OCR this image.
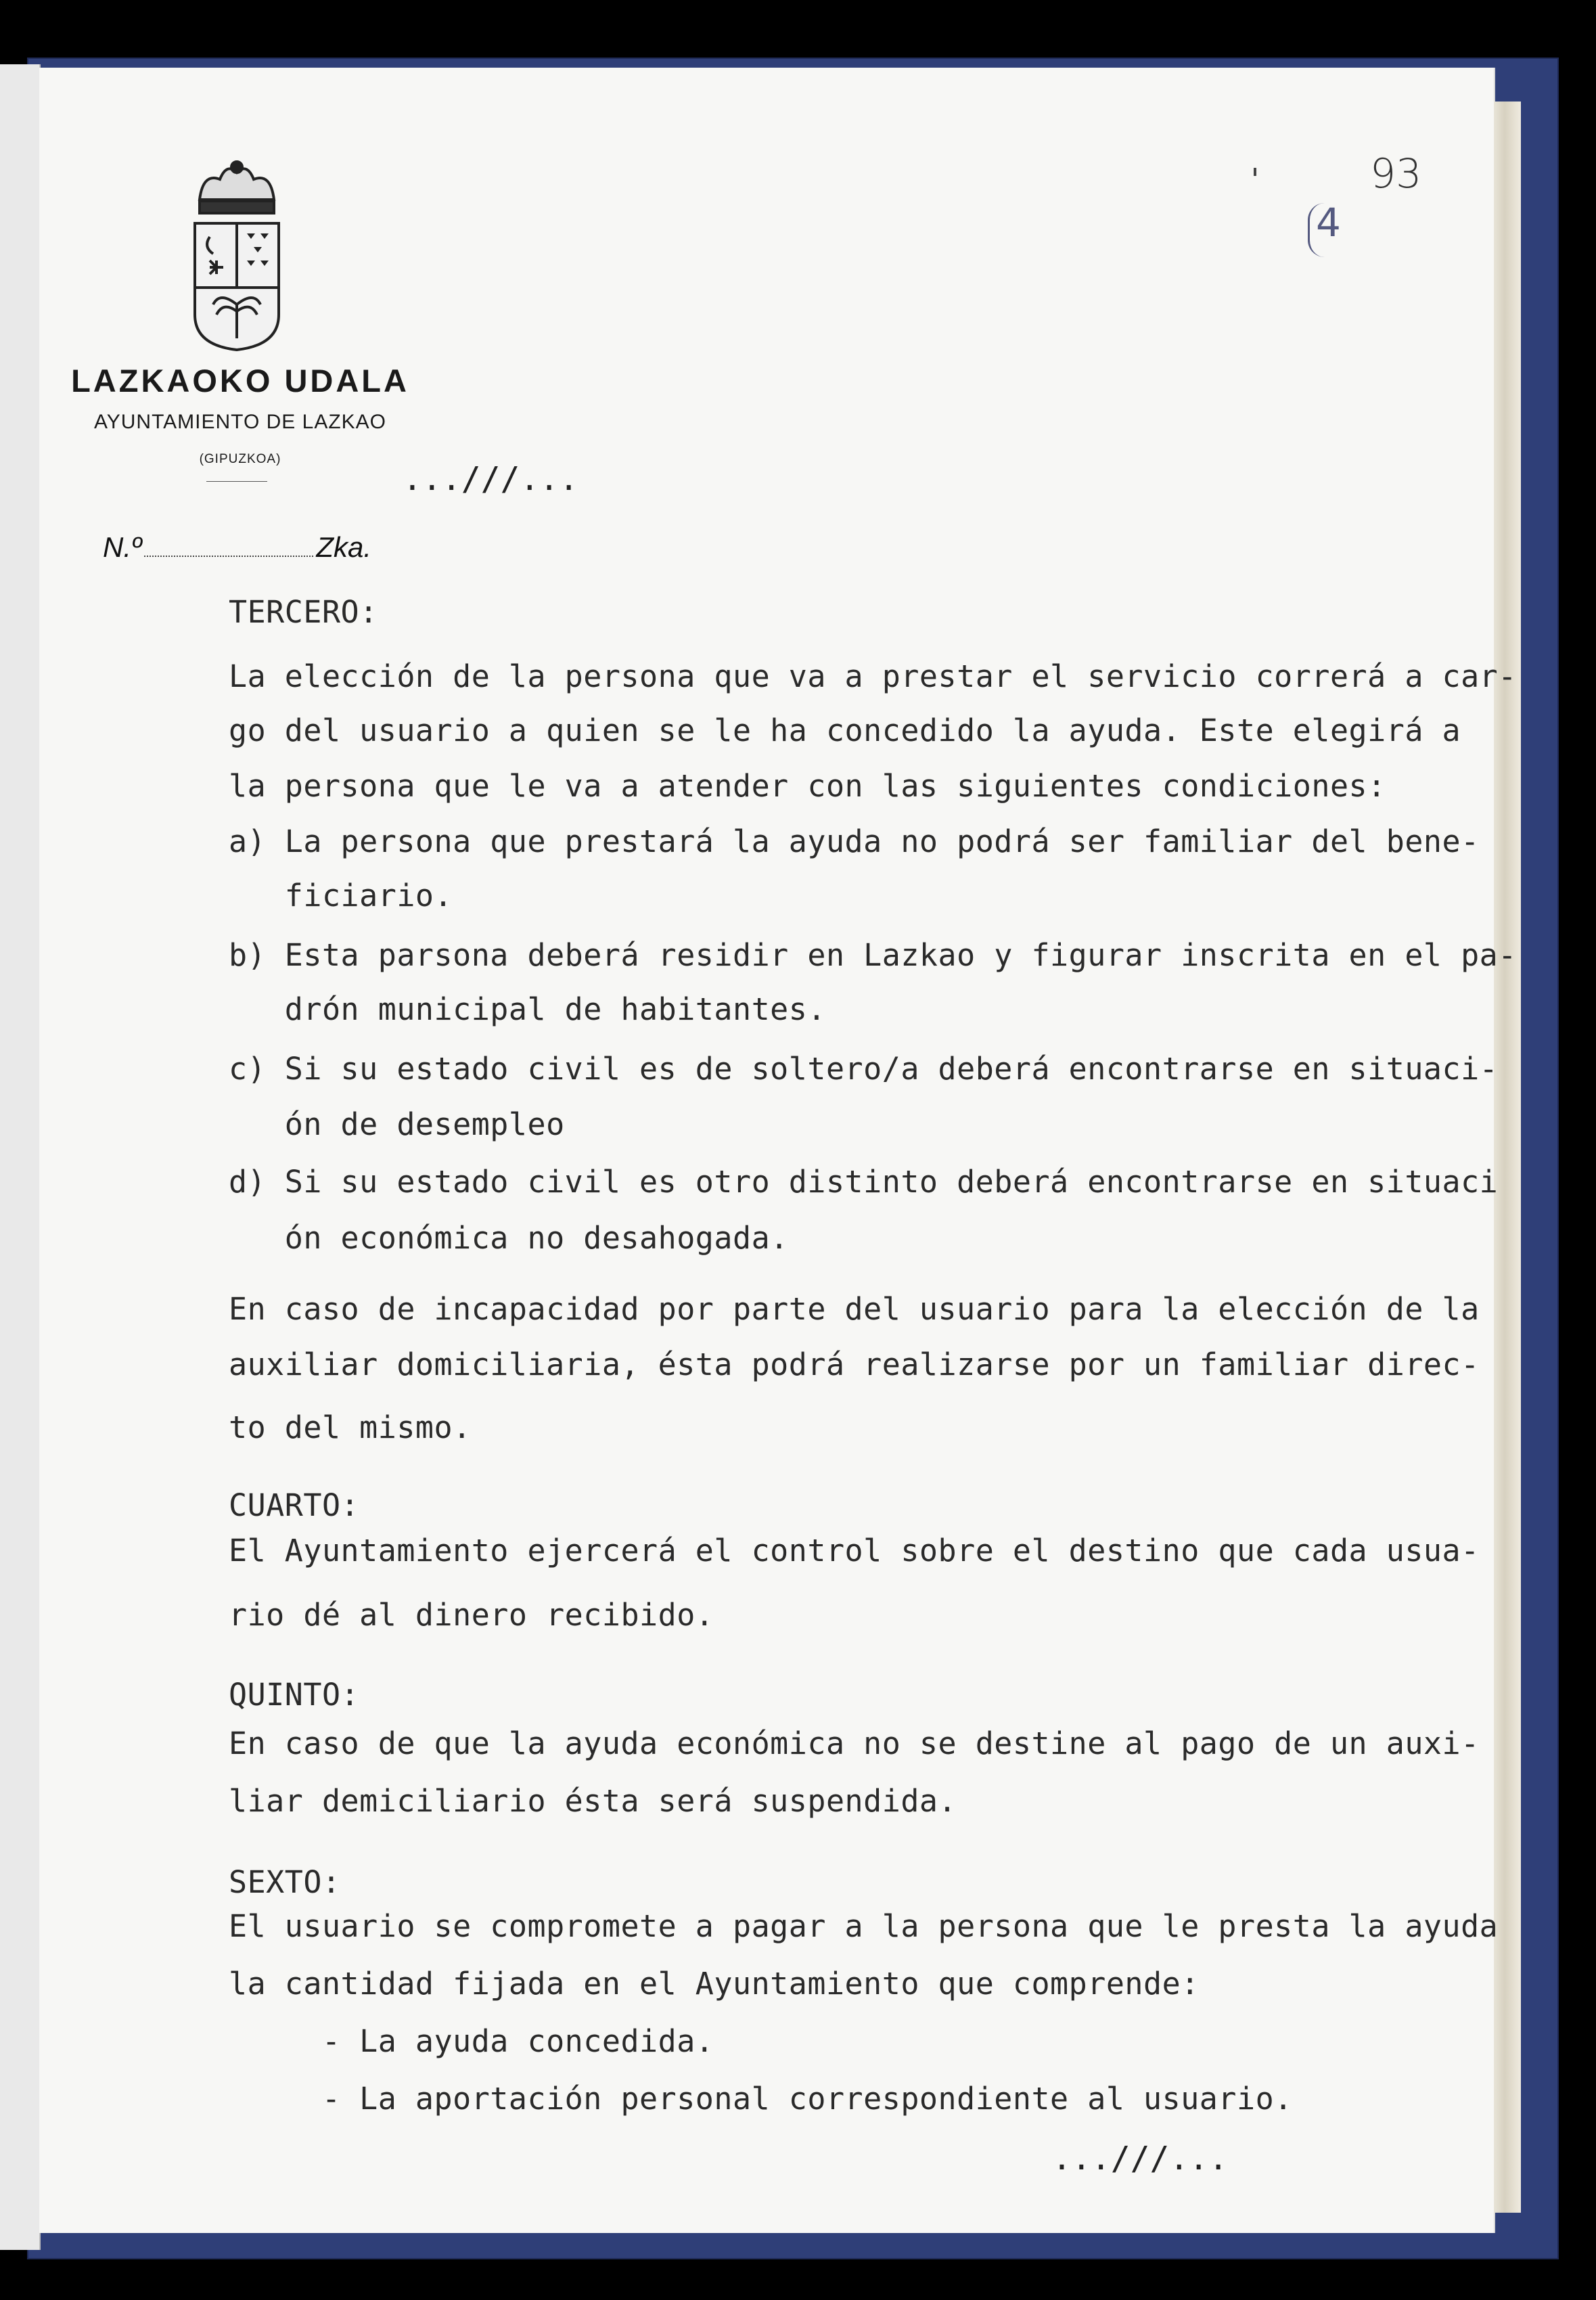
LAZKAOKO UDALA
AYUNTAMIENTO DE LAZKAO
(GIPUZKOA)
...///...
N.º	Zka.
93
4
TERCERO:
La elección de la persona que va a prestar el servicio correrá a car-
go del usuario a quien se le ha concedido la ayuda. Este elegirá a
la persona que le va a atender con las siguientes condiciones:
a) La persona que prestará la ayuda no podrá ser familiar del bene-
ficiario.
b) Esta parsona deberá residir en Lazkao y figurar inscrita en el pa-
drón municipal de habitantes.
c) Si su estado civil es de soltero/a deberá encontrarse en situaci-
ón de desempleo
d) Si su estado civil es otro distinto deberá encontrarse en situaci
ón económica no desahogada.
En caso de incapacidad por parte del usuario para la elección de la
auxiliar domiciliaria, ésta podrá realizarse por un familiar direc-
to del mismo.
CUARTO:
El Ayuntamiento ejercerá el control sobre el destino que cada usua-
rio dé al dinero recibido.
QUINTO:
En caso de que la ayuda económica no se destine al pago de un auxi-
liar demiciliario ésta será suspendida.
SEXTO:
El usuario se compromete a pagar a la persona que le presta la ayuda
la cantidad fijada en el Ayuntamiento que comprende:
- La ayuda concedida.
- La aportación personal correspondiente al usuario.
...///...
